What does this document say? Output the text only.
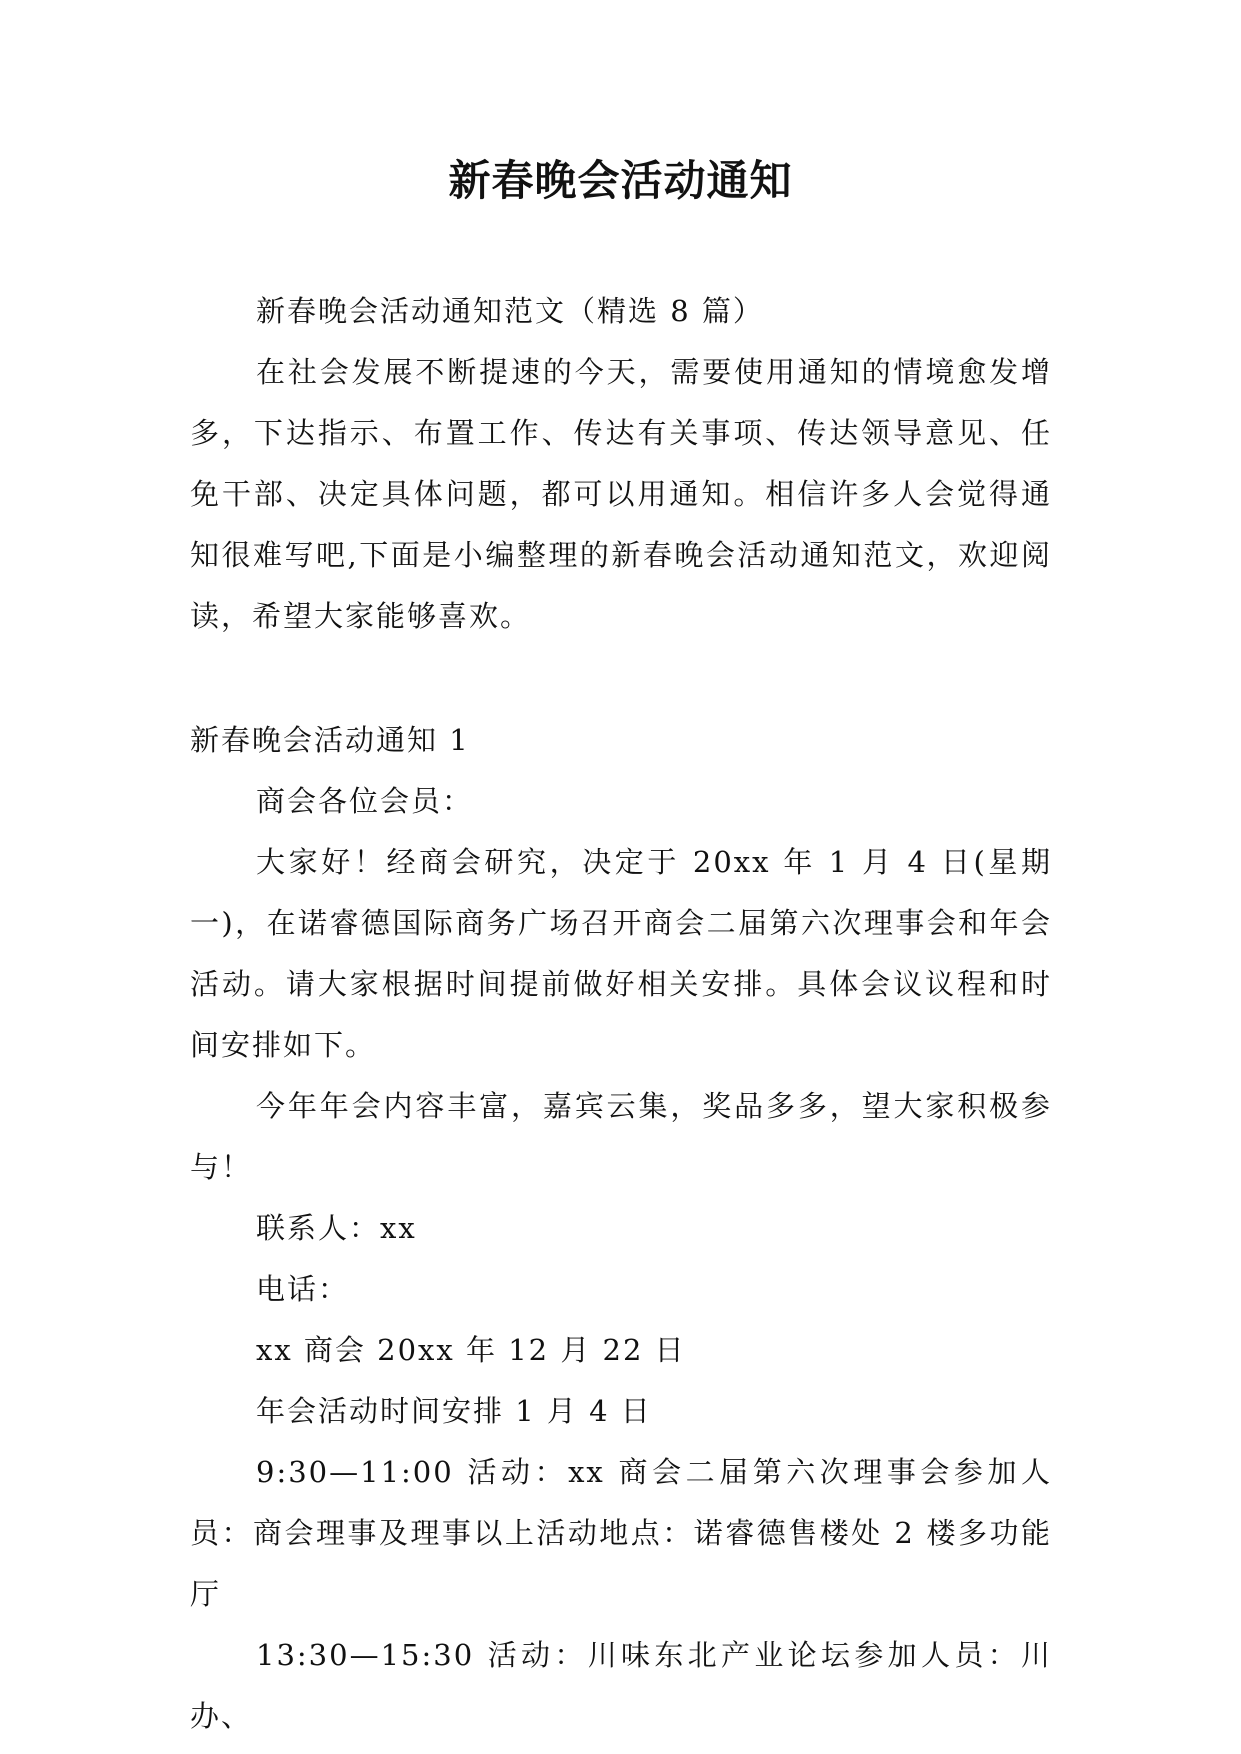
新春晚会活动通知

新春晚会活动通知范文（精选 8 篇）

在社会发展不断提速的今天，需要使用通知的情境愈发增多，下达指示、布置工作、传达有关事项、传达领导意见、任免干部、决定具体问题，都可以用通知。相信许多人会觉得通知很难写吧,下面是小编整理的新春晚会活动通知范文，欢迎阅读，希望大家能够喜欢。

新春晚会活动通知 1

商会各位会员：

大家好！经商会研究，决定于 20xx 年 1 月 4 日(星期一)，在诺睿德国际商务广场召开商会二届第六次理事会和年会活动。请大家根据时间提前做好相关安排。具体会议议程和时间安排如下。

今年年会内容丰富，嘉宾云集，奖品多多，望大家积极参与！

联系人：xx

电话：

xx 商会 20xx 年 12 月 22 日

年会活动时间安排 1 月 4 日

9:30—11:00 活动：xx 商会二届第六次理事会参加人员：商会理事及理事以上活动地点：诺睿德售楼处 2 楼多功能厅

13:30—15:30 活动：川味东北产业论坛参加人员：川办、
